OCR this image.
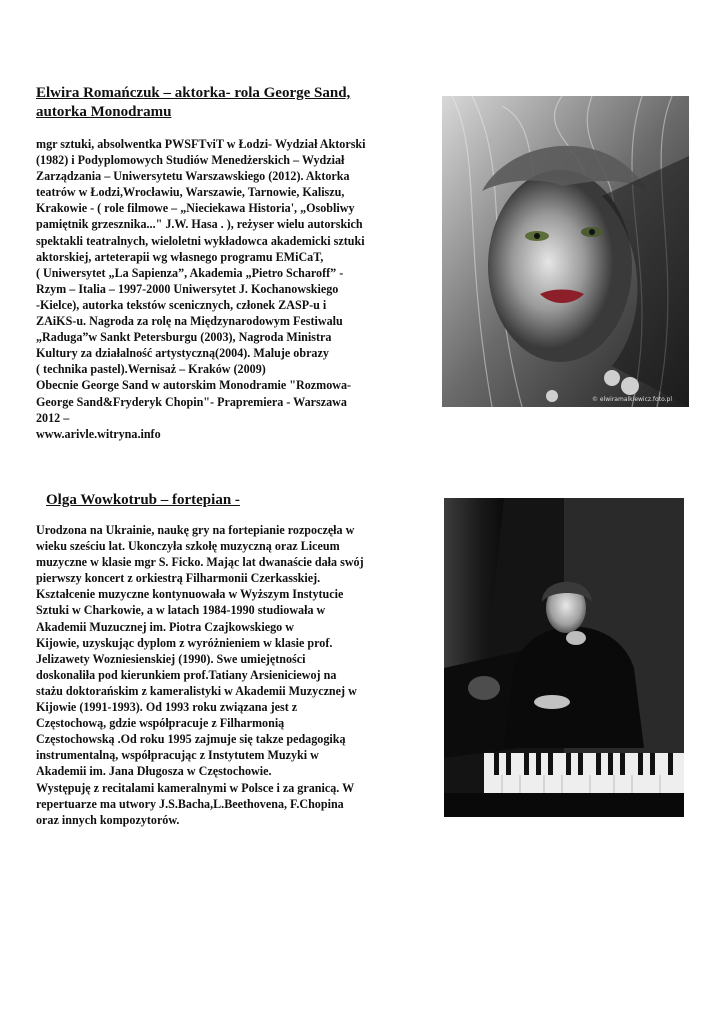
Elwira Romańczuk – aktorka- rola George Sand,
autorka Monodramu
mgr sztuki, absolwentka PWSFTviT w Łodzi- Wydział Aktorski
(1982) i Podyplomowych Studiów Menedżerskich – Wydział
Zarządzania – Uniwersytetu Warszawskiego (2012). Aktorka
teatrów w Łodzi,Wrocławiu, Warszawie, Tarnowie, Kaliszu,
Krakowie - ( role filmowe – „Nieciekawa Historia', „Osobliwy
pamiętnik grzesznika..." J.W. Hasa . ), reżyser wielu autorskich
spektakli teatralnych, wieloletni wykładowca akademicki sztuki
aktorskiej, arteterapii wg własnego programu EMiCaT,
( Uniwersytet „La Sapienza”, Akademia „Pietro Scharoff” -
Rzym – Italia – 1997-2000 Uniwersytet J. Kochanowskiego
-Kielce), autorka tekstów scenicznych, członek ZASP-u i
ZAiKS-u. Nagroda za rolę na Międzynarodowym Festiwalu
„Raduga”w Sankt Petersburgu (2003), Nagroda Ministra
Kultury za działalność artystyczną(2004). Maluje obrazy
( technika pastel).Wernisaż – Kraków (2009)
Obecnie George Sand w autorskim Monodramie "Rozmowa-
George Sand&Fryderyk Chopin"- Prapremiera - Warszawa
2012 –
www.arivle.witryna.info
© elwiramalkiewicz.foto.pl
Olga Wowkotrub – fortepian -
Urodzona na Ukrainie, naukę gry na fortepianie rozpoczęła w
wieku sześciu lat. Ukonczyła szkołę muzyczną oraz Liceum
muzyczne w klasie mgr S. Ficko. Mając lat dwanaście dała swój
pierwszy koncert z orkiestrą Filharmonii Czerkasskiej.
Kształcenie muzyczne kontynuowała w Wyższym Instytucie
Sztuki w Charkowie, a w latach 1984-1990 studiowała w
Akademii Muzucznej im. Piotra Czajkowskiego w
Kijowie, uzyskując dyplom z wyróżnieniem w klasie prof.
Jelizawety Wozniesienskiej (1990). Swe umiejętności
doskonaliła pod kierunkiem prof.Tatiany Arsieniciewoj na
stażu doktorańskim z kameralistyki w Akademii Muzycznej w
Kijowie (1991-1993). Od 1993 roku związana jest z
Częstochową, gdzie współpracuje z Filharmonią
Częstochowską .Od roku 1995 zajmuje się takze pedagogiką
instrumentalną, współpracując z Instytutem Muzyki w
Akademii im. Jana Długosza w Częstochowie.
Występuję z recitalami kameralnymi w Polsce i za granicą. W
repertuarze ma utwory J.S.Bacha,L.Beethovena, F.Chopina
oraz innych kompozytorów.
